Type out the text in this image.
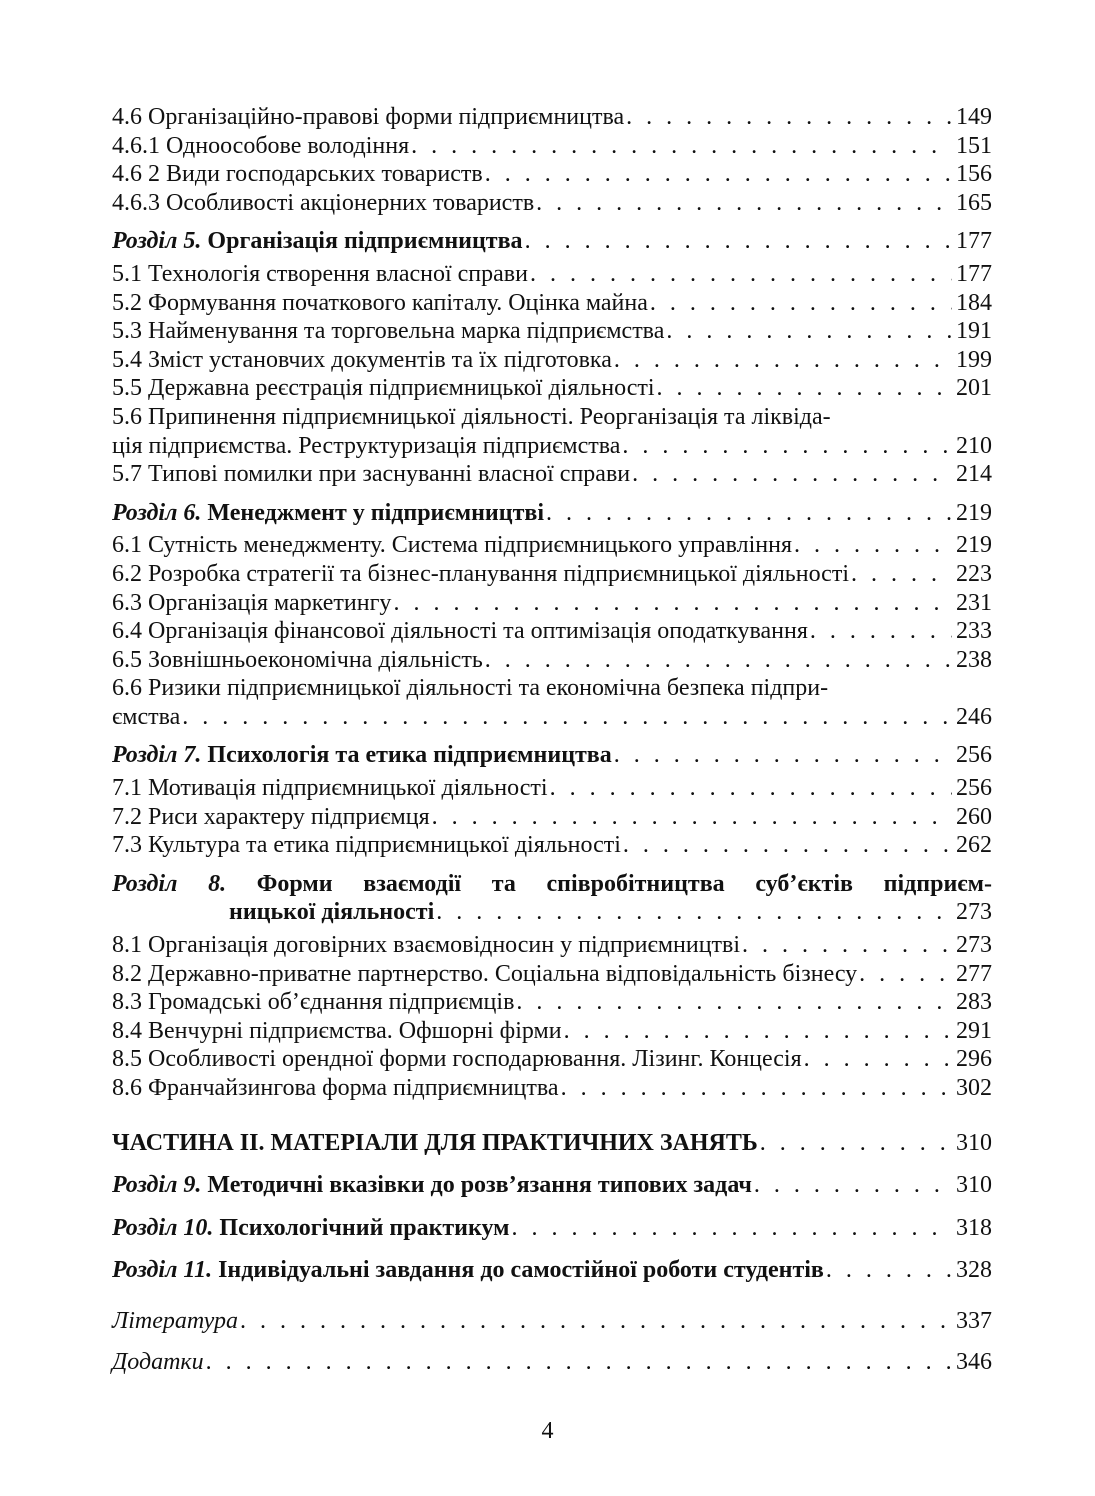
4.6 Організаційно-правові форми підприємництва . . .	149
4.6.1 Одноособове володіння . . .	151
4.6 2 Види господарських товариств . . .	156
4.6.3 Особливості акціонерних товариств . . .	165
Розділ 5. Організація підприємництва . . .	177
5.1 Технологія створення власної справи . . .	177
5.2 Формування початкового капіталу. Оцінка майна . . .	184
5.3 Найменування та торговельна марка підприємства . . .	191
5.4 Зміст установчих документів та їх підготовка . . .	199
5.5 Державна реєстрація підприємницької діяльності . . .	201
5.6 Припинення підприємницької діяльності. Реорганізація та ліквіда-
ція підприємства. Реструктуризація підприємства . . .	210
5.7 Типові помилки при заснуванні власної справи . . .	214
Розділ 6. Менеджмент у підприємництві . . .	219
6.1 Сутність менеджменту. Система підприємницького управління . . .	219
6.2 Розробка стратегії та бізнес-планування підприємницької діяльності . . .	223
6.3 Організація маркетингу . . .	231
6.4 Організація фінансової діяльності та оптимізація оподаткування . . .	233
6.5 Зовнішньоекономічна діяльність . . .	238
6.6 Ризики підприємницької діяльності та економічна безпека підпри-
ємства . . .	246
Розділ 7. Психологія та етика підприємництва . . .	256
7.1 Мотивація підприємницької діяльності . . .	256
7.2 Риси характеру підприємця . . .	260
7.3 Культура та етика підприємницької діяльності . . .	262
Розділ 8. Форми взаємодії та співробітництва суб’єктів підприєм-
ницької діяльності . . .	273
8.1 Організація договірних взаємовідносин у підприємництві . . .	273
8.2 Державно-приватне партнерство. Соціальна відповідальність бізнесу . . .	277
8.3 Громадські об’єднання підприємців . . .	283
8.4 Венчурні підприємства. Офшорні фірми . . .	291
8.5 Особливості орендної форми господарювання. Лізинг. Концесія . . .	296
8.6 Франчайзингова форма підприємництва . . .	302
ЧАСТИНА ІІ. МАТЕРІАЛИ ДЛЯ ПРАКТИЧНИХ ЗАНЯТЬ . . .	310
Розділ 9. Методичні вказівки до розв’язання типових задач . . .	310
Розділ 10. Психологічний практикум . . .	318
Розділ 11. Індивідуальні завдання до самостійної роботи студентів . . .	328
Література . . .	337
Додатки . . .	346
4
